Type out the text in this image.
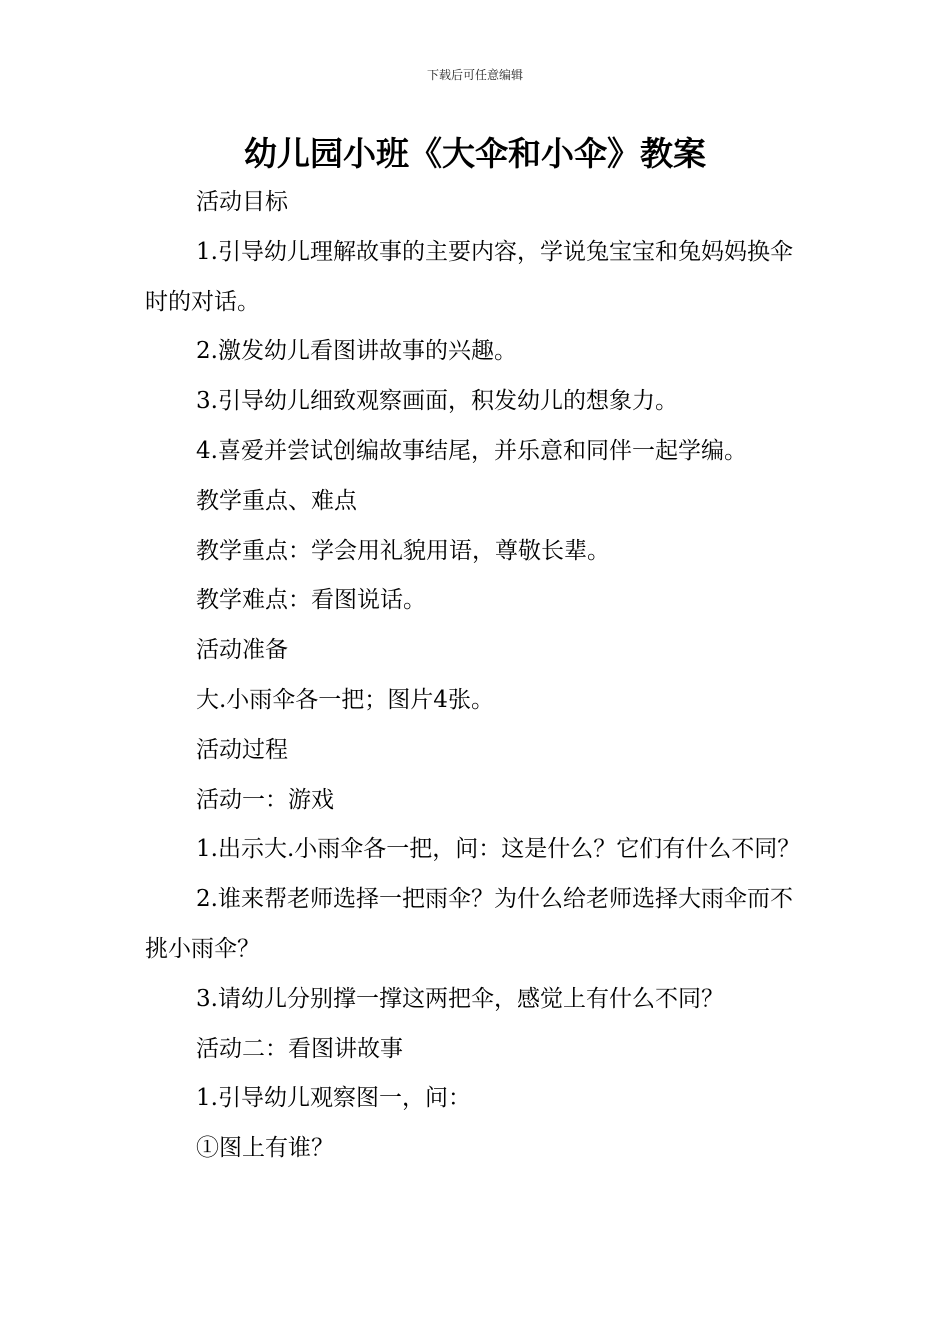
下载后可任意编辑
幼儿园小班《大伞和小伞》教案

活动目标

1.引导幼儿理解故事的主要内容，学说兔宝宝和兔妈妈换伞时的对话。

2.激发幼儿看图讲故事的兴趣。

3.引导幼儿细致观察画面，积发幼儿的想象力。

4.喜爱并尝试创编故事结尾，并乐意和同伴一起学编。

教学重点、难点

教学重点：学会用礼貌用语，尊敬长辈。

教学难点：看图说话。

活动准备

大.小雨伞各一把；图片4张。

活动过程

活动一：游戏

1.出示大.小雨伞各一把，问：这是什么？它们有什么不同？

2.谁来帮老师选择一把雨伞？为什么给老师选择大雨伞而不挑小雨伞？

3.请幼儿分别撑一撑这两把伞，感觉上有什么不同？

活动二：看图讲故事

1.引导幼儿观察图一，问：

①图上有谁？
